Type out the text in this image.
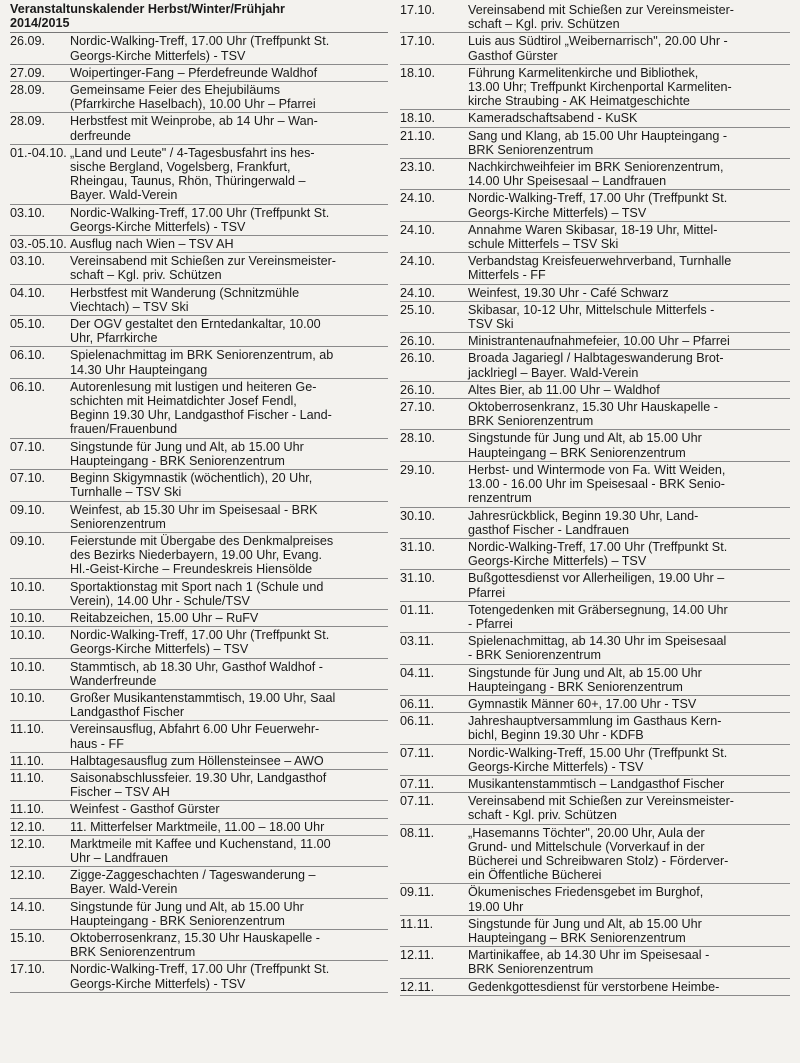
Veranstaltunskalender Herbst/Winter/Frühjahr
2014/2015
26.09.	Nordic-Walking-Treff, 17.00 Uhr (Treffpunkt St.
Georgs-Kirche Mitterfels) - TSV
27.09.	Woipertinger-Fang – Pferdefreunde Waldhof
28.09.	Gemeinsame Feier des Ehejubiläums
(Pfarrkirche Haselbach), 10.00 Uhr – Pfarrei
28.09.	Herbstfest mit Weinprobe, ab 14 Uhr – Wan-
derfreunde
01.-04.10. „Land und Leute" / 4-Tagesbusfahrt ins hes-
sische Bergland, Vogelsberg, Frankfurt,
Rheingau, Taunus, Rhön, Thüringerwald –
Bayer. Wald-Verein
03.10.	Nordic-Walking-Treff, 17.00 Uhr (Treffpunkt St.
Georgs-Kirche Mitterfels) - TSV
03.-05.10. Ausflug nach Wien – TSV AH
03.10.	Vereinsabend mit Schießen zur Vereinsmeister-
schaft – Kgl. priv. Schützen
04.10.	Herbstfest mit Wanderung (Schnitzmühle
Viechtach) – TSV Ski
05.10.	Der OGV gestaltet den Erntedankaltar, 10.00
Uhr, Pfarrkirche
06.10.	Spielenachmittag im BRK Seniorenzentrum, ab
14.30 Uhr Haupteingang
06.10.	Autorenlesung mit lustigen und heiteren Ge-
schichten mit Heimatdichter Josef Fendl,
Beginn 19.30 Uhr, Landgasthof Fischer - Land-
frauen/Frauenbund
07.10.	Singstunde für Jung und Alt, ab 15.00 Uhr
Haupteingang - BRK Seniorenzentrum
07.10.	Beginn Skigymnastik (wöchentlich), 20 Uhr,
Turnhalle – TSV Ski
09.10.	Weinfest, ab 15.30 Uhr im Speisesaal - BRK
Seniorenzentrum
09.10.	Feierstunde mit Übergabe des Denkmalpreises
des Bezirks Niederbayern, 19.00 Uhr, Evang.
Hl.-Geist-Kirche – Freundeskreis Hiensölde
10.10.	Sportaktionstag mit Sport nach 1 (Schule und
Verein), 14.00 Uhr - Schule/TSV
10.10.	Reitabzeichen, 15.00 Uhr – RuFV
10.10.	Nordic-Walking-Treff, 17.00 Uhr (Treffpunkt St.
Georgs-Kirche Mitterfels) – TSV
10.10.	Stammtisch, ab 18.30 Uhr, Gasthof Waldhof -
Wanderfreunde
10.10.	Großer Musikantenstammtisch, 19.00 Uhr, Saal
Landgasthof Fischer
11.10.	Vereinsausflug, Abfahrt 6.00 Uhr Feuerwehr-
haus - FF
11.10.	Halbtagesausflug zum Höllensteinsee – AWO
11.10.	Saisonabschlussfeier. 19.30 Uhr, Landgasthof
Fischer – TSV AH
11.10.	Weinfest - Gasthof Gürster
12.10.	11. Mitterfelser Marktmeile, 11.00 – 18.00 Uhr
12.10.	Marktmeile mit Kaffee und Kuchenstand, 11.00
Uhr – Landfrauen
12.10.	Zigge-Zaggeschachten / Tageswanderung –
Bayer. Wald-Verein
14.10.	Singstunde für Jung und Alt, ab 15.00 Uhr
Haupteingang - BRK Seniorenzentrum
15.10.	Oktoberrosenkranz, 15.30 Uhr Hauskapelle -
BRK Seniorenzentrum
17.10.	Nordic-Walking-Treff, 17.00 Uhr (Treffpunkt St.
Georgs-Kirche Mitterfels) - TSV
17.10.	Vereinsabend mit Schießen zur Vereinsmeister-
schaft – Kgl. priv. Schützen
17.10.	Luis aus Südtirol „Weibernarrisch", 20.00 Uhr -
Gasthof Gürster
18.10.	Führung Karmelitenkirche und Bibliothek,
13.00 Uhr; Treffpunkt Kirchenportal Karmeliten-
kirche Straubing - AK Heimatgeschichte
18.10.	Kameradschaftsabend - KuSK
21.10.	Sang und Klang, ab 15.00 Uhr Haupteingang -
BRK Seniorenzentrum
23.10.	Nachkirchweihfeier im BRK Seniorenzentrum,
14.00 Uhr Speisesaal – Landfrauen
24.10.	Nordic-Walking-Treff, 17.00 Uhr (Treffpunkt St.
Georgs-Kirche Mitterfels) – TSV
24.10.	Annahme Waren Skibasar, 18-19 Uhr, Mittel-
schule Mitterfels – TSV Ski
24.10.	Verbandstag Kreisfeuerwehrverband, Turnhalle
Mitterfels - FF
24.10.	Weinfest, 19.30 Uhr - Café Schwarz
25.10.	Skibasar, 10-12 Uhr, Mittelschule Mitterfels -
TSV Ski
26.10.	Ministrantenaufnahmefeier, 10.00 Uhr – Pfarrei
26.10.	Broada Jagariegl / Halbtageswanderung Brot-
jacklriegl – Bayer. Wald-Verein
26.10.	Altes Bier, ab 11.00 Uhr – Waldhof
27.10.	Oktoberrosenkranz, 15.30 Uhr Hauskapelle -
BRK Seniorenzentrum
28.10.	Singstunde für Jung und Alt, ab 15.00 Uhr
Haupteingang – BRK Seniorenzentrum
29.10.	Herbst- und Wintermode von Fa. Witt Weiden,
13.00 - 16.00 Uhr im Speisesaal - BRK Senio-
renzentrum
30.10.	Jahresrückblick, Beginn 19.30 Uhr, Land-
gasthof Fischer - Landfrauen
31.10.	Nordic-Walking-Treff, 17.00 Uhr (Treffpunkt St.
Georgs-Kirche Mitterfels) – TSV
31.10.	Bußgottesdienst vor Allerheiligen, 19.00 Uhr –
Pfarrei
01.11.	Totengedenken mit Gräbersegnung, 14.00 Uhr
- Pfarrei
03.11.	Spielenachmittag, ab 14.30 Uhr im Speisesaal
- BRK Seniorenzentrum
04.11.	Singstunde für Jung und Alt, ab 15.00 Uhr
Haupteingang - BRK Seniorenzentrum
06.11.	Gymnastik Männer 60+, 17.00 Uhr - TSV
06.11.	Jahreshauptversammlung im Gasthaus Kern-
bichl, Beginn 19.30 Uhr - KDFB
07.11.	Nordic-Walking-Treff, 15.00 Uhr (Treffpunkt St.
Georgs-Kirche Mitterfels) - TSV
07.11.	Musikantenstammtisch – Landgasthof Fischer
07.11.	Vereinsabend mit Schießen zur Vereinsmeister-
schaft - Kgl. priv. Schützen
08.11.	„Hasemanns Töchter", 20.00 Uhr, Aula der
Grund- und Mittelschule (Vorverkauf in der
Bücherei und Schreibwaren Stolz) - Förderver-
ein Öffentliche Bücherei
09.11.	Ökumenisches Friedensgebet im Burghof,
19.00 Uhr
11.11.	Singstunde für Jung und Alt, ab 15.00 Uhr
Haupteingang – BRK Seniorenzentrum
12.11.	Martinikaffee, ab 14.30 Uhr im Speisesaal -
BRK Seniorenzentrum
12.11.	Gedenkgottesdienst für verstorbene Heimbe-
